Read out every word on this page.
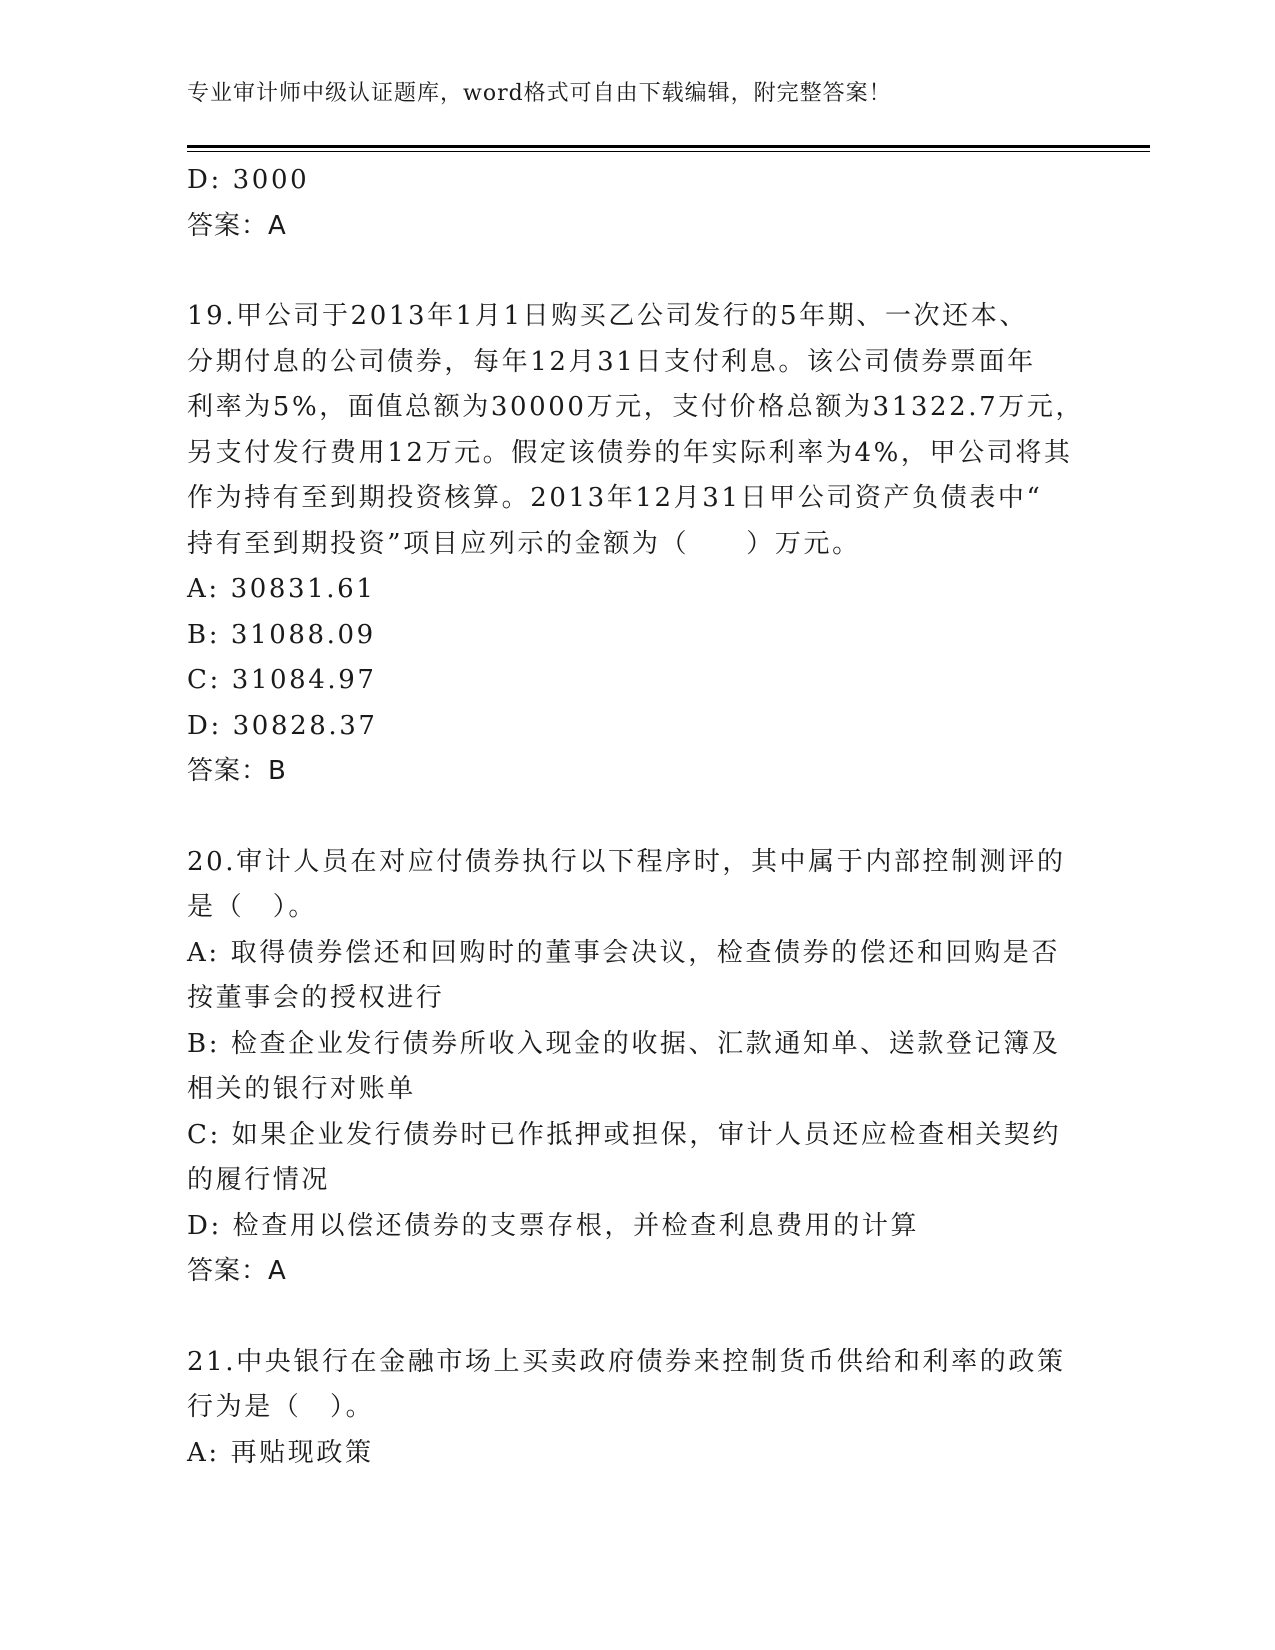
专业审计师中级认证题库，word格式可自由下载编辑，附完整答案！
D: 3000
答案：A
19.甲公司于2013年1月1日购买乙公司发行的5年期、一次还本、
分期付息的公司债券，每年12月31日支付利息。该公司债券票面年
利率为5%，面值总额为30000万元，支付价格总额为31322.7万元，
另支付发行费用12万元。假定该债券的年实际利率为4%，甲公司将其
作为持有至到期投资核算。2013年12月31日甲公司资产负债表中“
持有至到期投资”项目应列示的金额为（　　）万元。
A: 30831.61
B: 31088.09
C: 31084.97
D: 30828.37
答案：B
20.审计人员在对应付债券执行以下程序时，其中属于内部控制测评的
是（　）。
A: 取得债券偿还和回购时的董事会决议，检查债券的偿还和回购是否
按董事会的授权进行
B: 检查企业发行债券所收入现金的收据、汇款通知单、送款登记簿及
相关的银行对账单
C: 如果企业发行债券时已作抵押或担保，审计人员还应检查相关契约
的履行情况
D: 检查用以偿还债券的支票存根，并检查利息费用的计算
答案：A
21.中央银行在金融市场上买卖政府债券来控制货币供给和利率的政策
行为是（　）。
A: 再贴现政策
